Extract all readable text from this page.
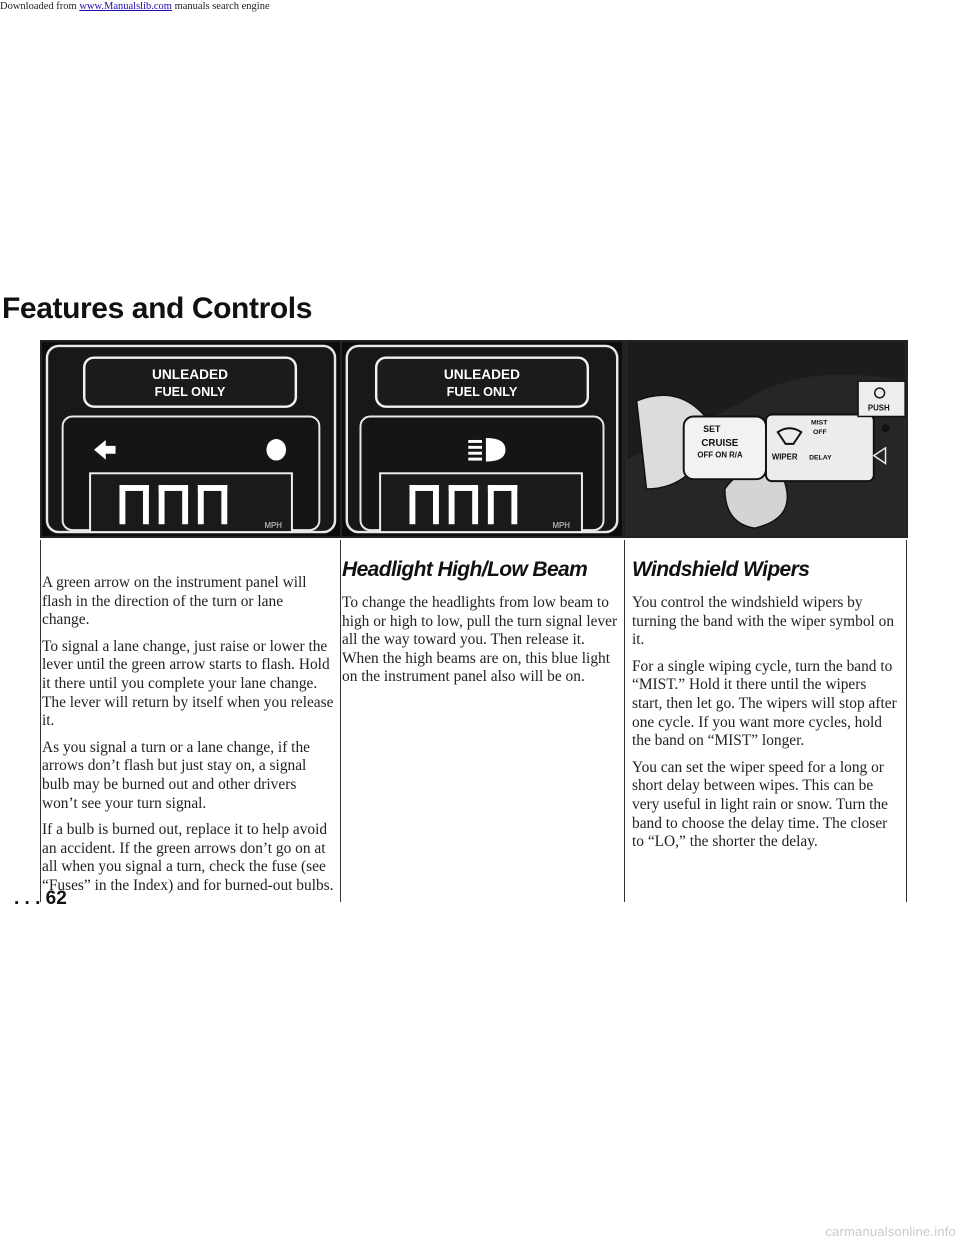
Downloaded from www.Manualslib.com manuals search engine
Features and Controls
UNLEADED
FUEL ONLY
MPH
UNLEADED
FUEL ONLY
MPH
SET
CRUISE
OFF ON R/A	WIPER DELAY
MIST
OFF
PUSH

A green arrow on the instrument panel will flash in the direction of the turn or lane change.

To signal a lane change, just raise or lower the lever until the green arrow starts to flash. Hold it there until you complete your lane change. The lever will return by itself when you release it.

As you signal a turn or a lane change, if the arrows don’t flash but just stay on, a signal bulb may be burned out and other drivers won’t see your turn signal.

If a bulb is burned out, replace it to help avoid an accident. If the green arrows don’t go on at all when you signal a turn, check the fuse (see “Fuses” in the Index) and for burned-out bulbs.

Headlight High/Low Beam

To change the headlights from low beam to high or high to low, pull the turn signal lever all the way toward you. Then release it. When the high beams are on, this blue light on the instrument panel also will be on.

Windshield Wipers

You control the windshield wipers by turning the band with the wiper symbol on it.

For a single wiping cycle, turn the band to “MIST.” Hold it there until the wipers start, then let go. The wipers will stop after one cycle. If you want more cycles, hold the band on “MIST” longer.

You can set the wiper speed for a long or short delay between wipes. This can be very useful in light rain or snow. Turn the band to choose the delay time. The closer to “LO,” the shorter the delay.

. . . 62

carmanualsonline.info
